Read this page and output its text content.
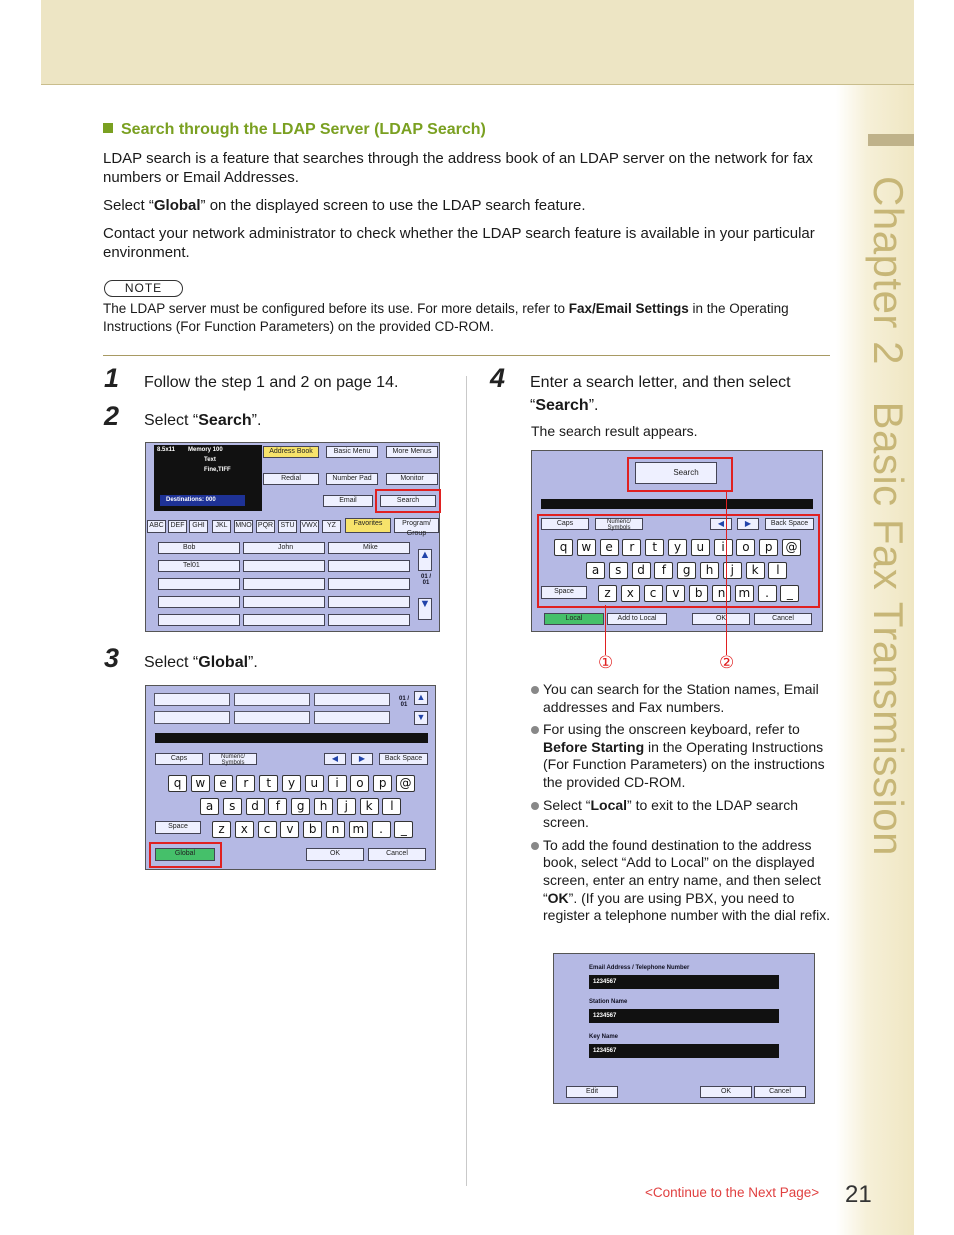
Chapter 2   Basic Fax Transmission
Search through the LDAP Server (LDAP Search)

LDAP search is a feature that searches through the address book of an LDAP server on the network for fax numbers or Email Addresses.

Select “Global” on the displayed screen to use the LDAP search feature.

Contact your network administrator to check whether the LDAP search feature is available in your particular environment.

NOTE
The LDAP server must be configured before its use. For more details, refer to Fax/Email Settings in the Operating Instructions (For Function Parameters) on the provided CD-ROM.
1 Follow the step 1 and 2 on page 14.
2 Select “Search”.
8.5x11 Memory 100
Text
Fine,TIFF
Destinations: 000
Address Book	Basic Menu	More Menus
Redial	Number Pad	Monitor
Email	Search
ABC DEF	GHI	JKL	MNO PQR	STU	VWX	YZ	Favorites	Program/ Group
Bob	John	Mike
Tel01
▲
01 / 01
▼
3 Select “Global”.
01 / 01
▲
▼
Caps	Numeric/ Symbols	◀	▶	Back Space
q	w	e	r	t	y	u	i	o	p	@
a	s	d	f	g	h	j	k	l
z	x	c	v	b	n	m	.	_
Space
Global	OK	Cancel
4 Enter a search letter, and then select “Search”.
The search result appears.
Search
Caps	Numeric/ Symbols	◀	▶	Back Space
q	w	e	r	t	y	u	i	o	p	@
a	s	d	f	g	h	j	k	l
z	x	c	v	b	n	m	.	_
Space
Local	Add to Local	OK	Cancel
①	②
You can search for the Station names, Email addresses and Fax numbers.
For using the onscreen keyboard, refer to Before Starting in the Operating Instructions (For Function Parameters) on the instructions the provided CD-ROM.
Select “Local” to exit to the LDAP search screen.
To add the found destination to the address book, select “Add to Local” on the displayed screen, enter an entry name, and then select “OK”. (If you are using PBX, you need to register a telephone number with the dial refix.
Email Address / Telephone Number
1234567
Station Name
1234567
Key Name
1234567
Edit	OK	Cancel
<Continue to the Next Page> 21
